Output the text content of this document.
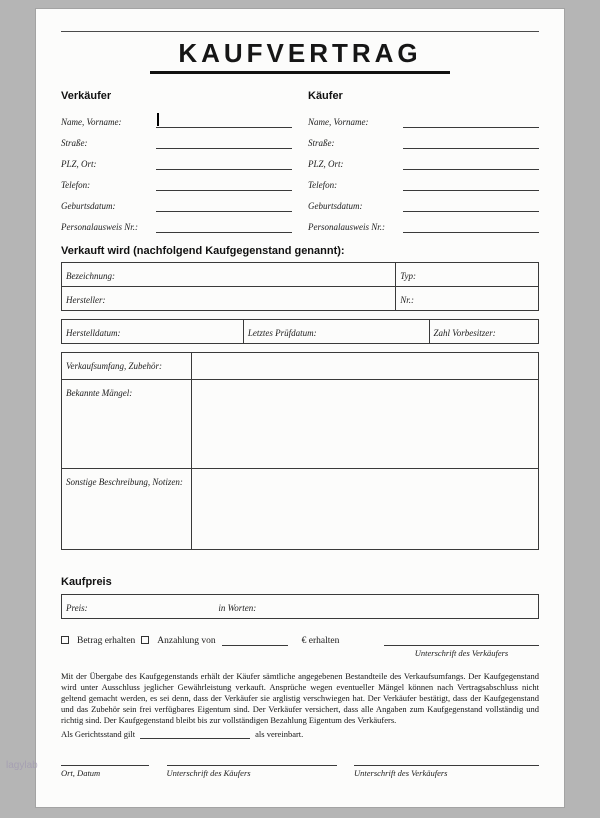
lagylab
KAUFVERTRAG
Verkäufer
Name, Vorname:
Straße:
PLZ, Ort:
Telefon:
Geburtsdatum:
Personalausweis Nr.:
Käufer
Name, Vorname:
Straße:
PLZ, Ort:
Telefon:
Geburtsdatum:
Personalausweis Nr.:
Verkauft wird (nachfolgend Kaufgegenstand genannt):
Bezeichnung:	Typ:
Hersteller:	Nr.:
Herstelldatum:	Letztes Prüfdatum:	Zahl Vorbesitzer:
Verkaufsumfang, Zubehör:
Bekannte Mängel:
Sonstige Beschreibung, Notizen:
Kaufpreis
Preis:	in Worten:
Betrag erhalten Anzahlung von	€ erhalten
Unterschrift des Verkäufers
Mit der Übergabe des Kaufgegenstands erhält der Käufer sämtliche angegebenen Bestandteile des Verkaufsumfangs. Der Kaufgegenstand wird unter Ausschluss jeglicher Gewährleistung verkauft. Ansprüche wegen eventueller Mängel können nach Vertragsabschluss nicht geltend gemacht werden, es sei denn, dass der Verkäufer sie arglistig verschwiegen hat. Der Verkäufer bestätigt, dass der Kaufgegenstand und das Zubehör sein frei verfügbares Eigentum sind. Der Verkäufer versichert, dass alle Angaben zum Kaufgegenstand vollständig und richtig sind. Der Kaufgegenstand bleibt bis zur vollständigen Bezahlung Eigentum des Verkäufers.
Als Gerichtsstand gilt	als vereinbart.
Ort, Datum	Unterschrift des Käufers	Unterschrift des Verkäufers
